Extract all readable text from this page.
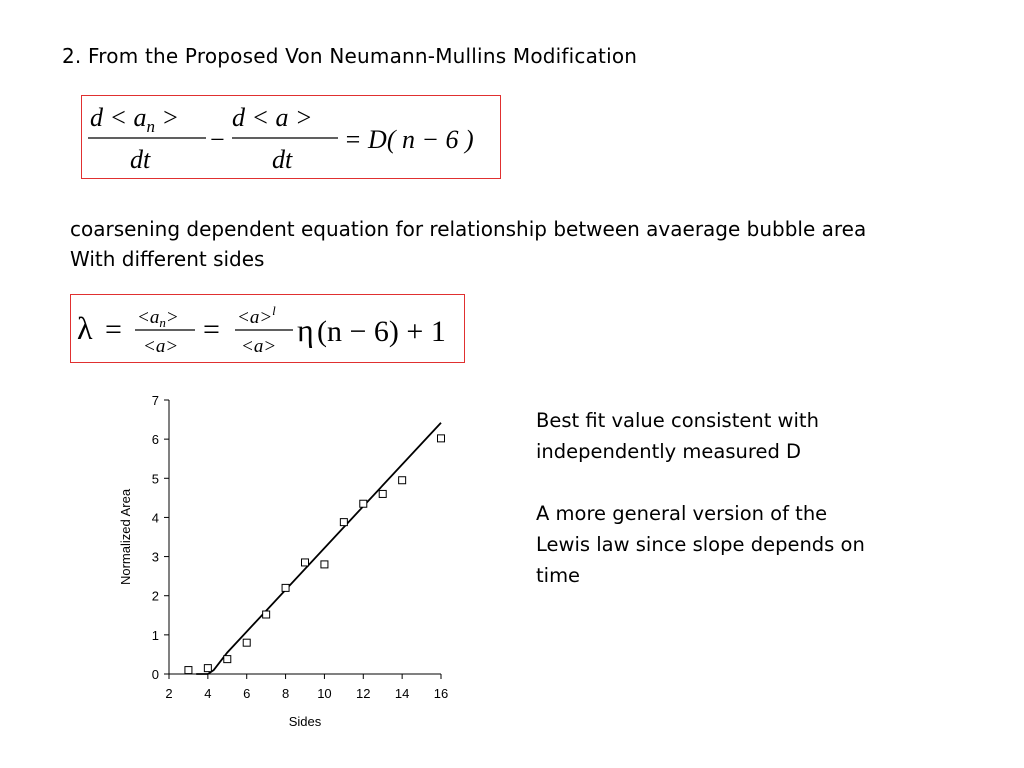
2. From the Proposed Von Neumann-Mullins Modification
$d < a_n$ >
dt
−
d < a >
dt
= D( n − 6 )
coarsening dependent equation for relationship between avaerage bubble area
With different sides
$\lambda = <a_n>$
<a>
= <a>$^l$
<a> η (n − 6) + 1
Best fit value consistent with
independently measured D
A more general version of the
Lewis law since slope depends on
time
0
1
2
3
4
5
6
7
2 4 6 8 10 12 14 16
Sides
Normalized Area
